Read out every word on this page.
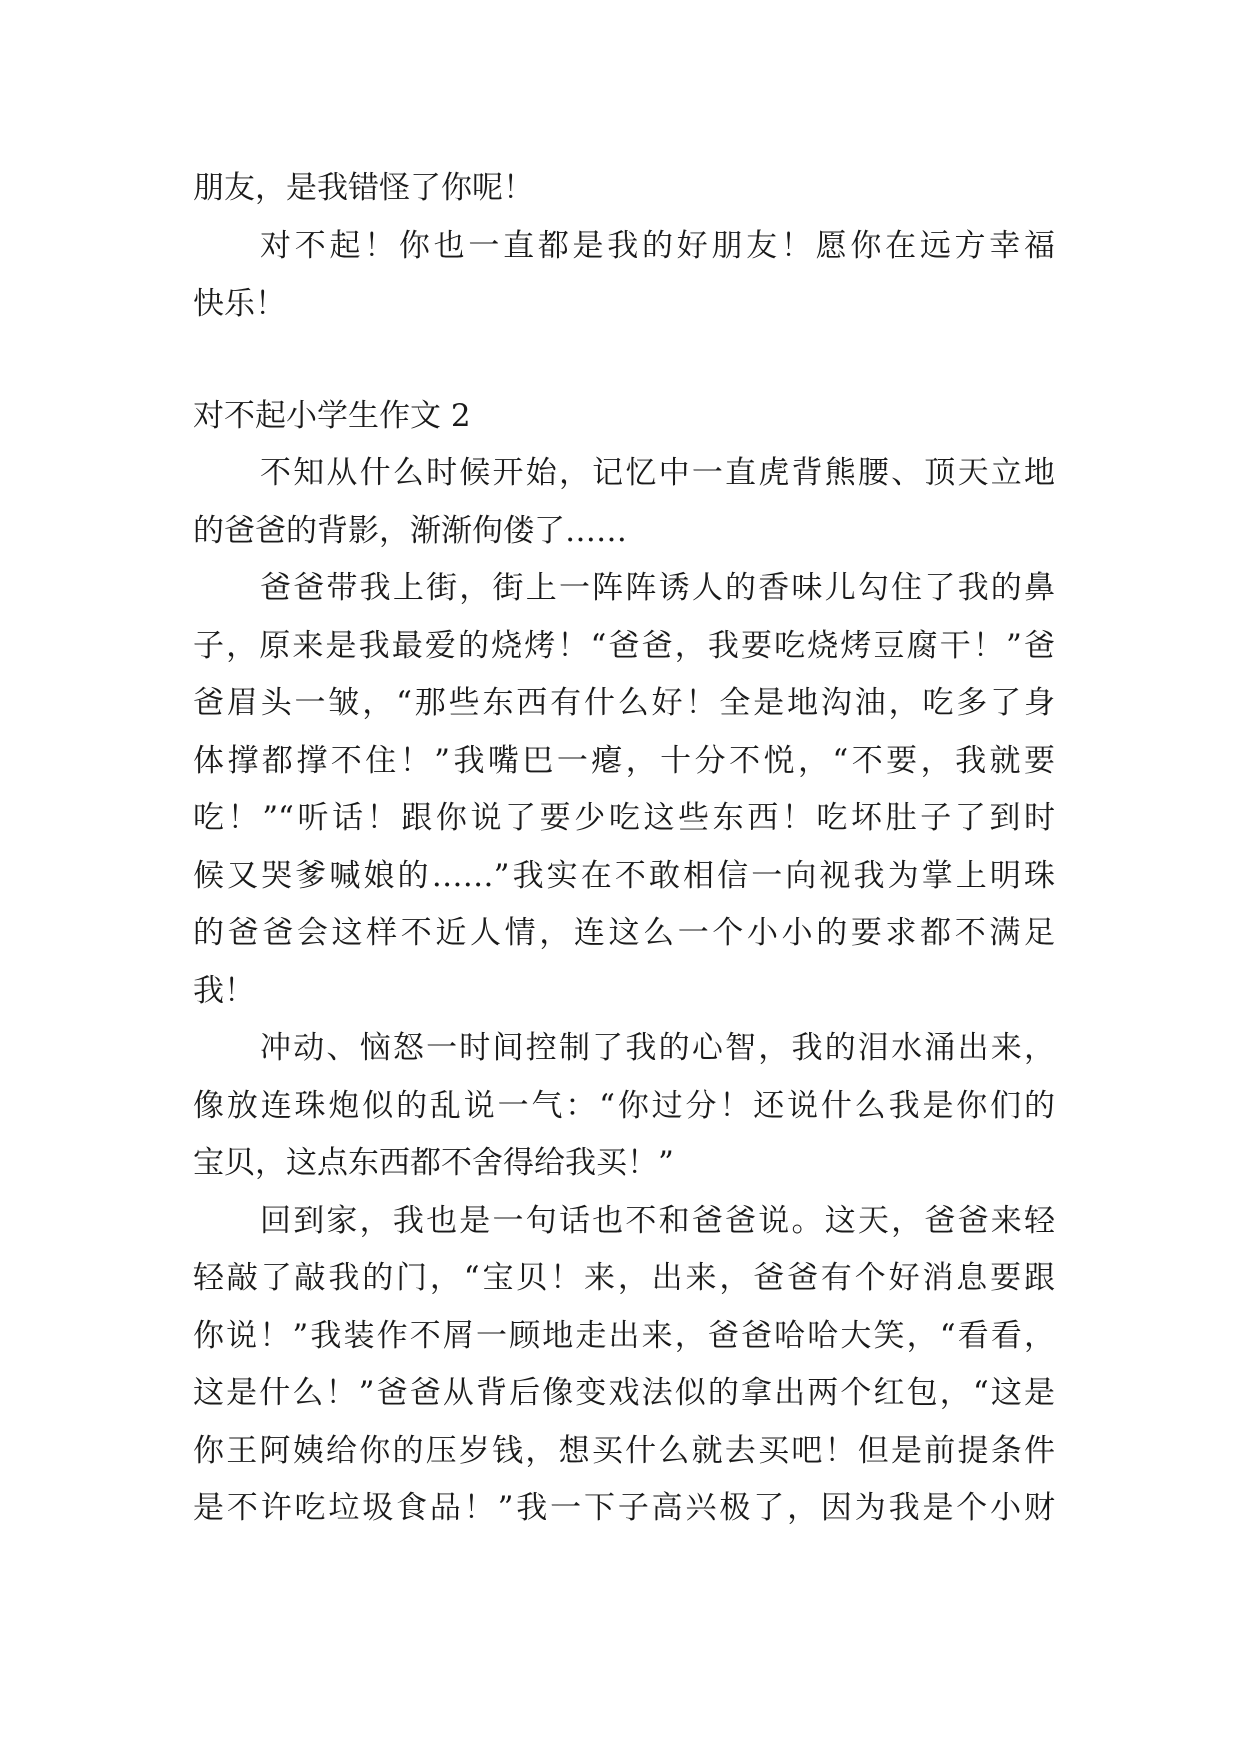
朋友，是我错怪了你呢！
对不起！你也一直都是我的好朋友！愿你在远方幸福
快乐！
对不起小学生作文 2
不知从什么时候开始，记忆中一直虎背熊腰、顶天立地
的爸爸的背影，渐渐佝偻了……
爸爸带我上街，街上一阵阵诱人的香味儿勾住了我的鼻
子，原来是我最爱的烧烤！“爸爸，我要吃烧烤豆腐干！”爸
爸眉头一皱，“那些东西有什么好！全是地沟油，吃多了身
体撑都撑不住！”我嘴巴一瘪，十分不悦，“不要，我就要
吃！”“听话！跟你说了要少吃这些东西！吃坏肚子了到时
候又哭爹喊娘的……”我实在不敢相信一向视我为掌上明珠
的爸爸会这样不近人情，连这么一个小小的要求都不满足
我！
冲动、恼怒一时间控制了我的心智，我的泪水涌出来，
像放连珠炮似的乱说一气：“你过分！还说什么我是你们的
宝贝，这点东西都不舍得给我买！”
回到家，我也是一句话也不和爸爸说。这天，爸爸来轻
轻敲了敲我的门，“宝贝！来，出来，爸爸有个好消息要跟
你说！”我装作不屑一顾地走出来，爸爸哈哈大笑，“看看，
这是什么！”爸爸从背后像变戏法似的拿出两个红包，“这是
你王阿姨给你的压岁钱，想买什么就去买吧！但是前提条件
是不许吃垃圾食品！”我一下子高兴极了，因为我是个小财
